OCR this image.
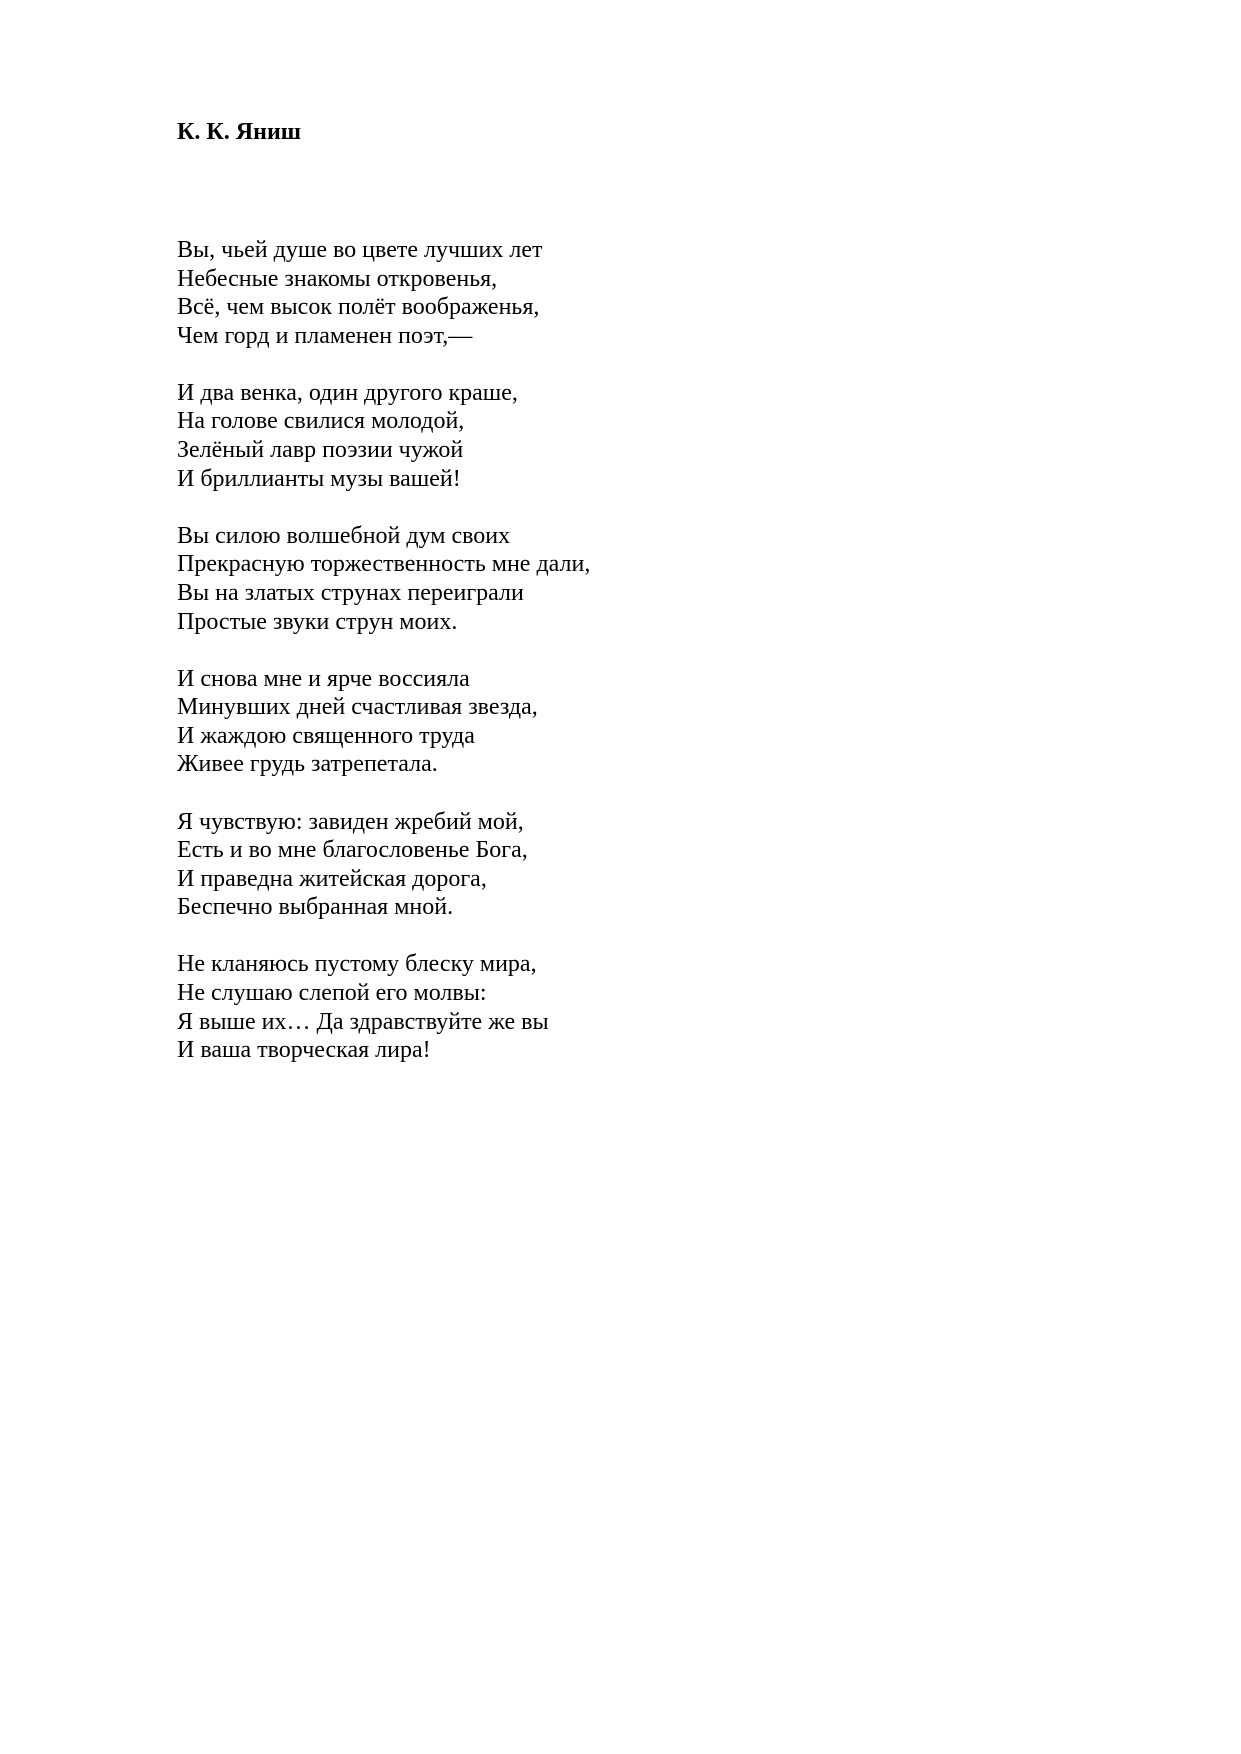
К. К. Яниш
Вы, чьей душе во цвете лучших лет
Небесные знакомы откровенья,
Всё, чем высок полёт воображенья,
Чем горд и пламенен поэт,—
И два венка, один другого краше,
На голове свилися молодой,
Зелёный лавр поэзии чужой
И бриллианты музы вашей!
Вы силою волшебной дум своих
Прекрасную торжественность мне дали,
Вы на златых струнах переиграли
Простые звуки струн моих.
И снова мне и ярче воссияла
Минувших дней счастливая звезда,
И жаждою священного труда
Живее грудь затрепетала.
Я чувствую: завиден жребий мой,
Есть и во мне благословенье Бога,
И праведна житейская дорога,
Беспечно выбранная мной.
Не кланяюсь пустому блеску мира,
Не слушаю слепой его молвы:
Я выше их… Да здравствуйте же вы
И ваша творческая лира!
